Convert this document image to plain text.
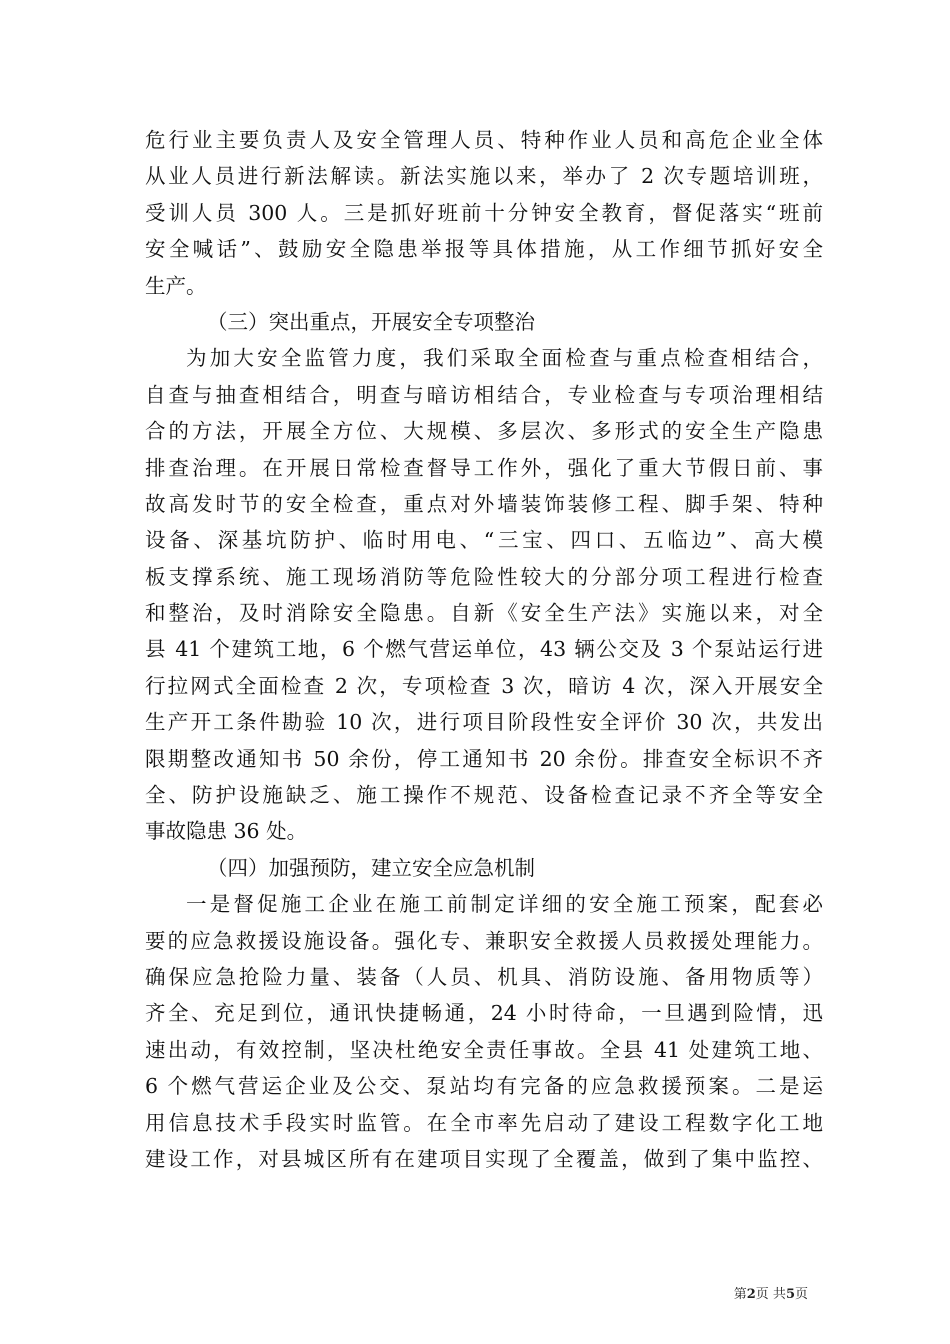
危行业主要负责人及安全管理人员、特种作业人员和高危企业全体
从业人员进行新法解读。新法实施以来，举办了 2 次专题培训班，
受训人员 300 人。三是抓好班前十分钟安全教育，督促落实“班前
安全喊话”、鼓励安全隐患举报等具体措施，从工作细节抓好安全
生产。
（三）突出重点，开展安全专项整治
为加大安全监管力度，我们采取全面检查与重点检查相结合，
自查与抽查相结合，明查与暗访相结合，专业检查与专项治理相结
合的方法，开展全方位、大规模、多层次、多形式的安全生产隐患
排查治理。在开展日常检查督导工作外，强化了重大节假日前、事
故高发时节的安全检查，重点对外墙装饰装修工程、脚手架、特种
设备、深基坑防护、临时用电、“三宝、四口、五临边”、高大模
板支撑系统、施工现场消防等危险性较大的分部分项工程进行检查
和整治，及时消除安全隐患。自新《安全生产法》实施以来，对全
县 41 个建筑工地，6 个燃气营运单位，43 辆公交及 3 个泵站运行进
行拉网式全面检查 2 次，专项检查 3 次，暗访 4 次，深入开展安全
生产开工条件勘验 10 次，进行项目阶段性安全评价 30 次，共发出
限期整改通知书 50 余份，停工通知书 20 余份。排查安全标识不齐
全、防护设施缺乏、施工操作不规范、设备检查记录不齐全等安全
事故隐患 36 处。
（四）加强预防，建立安全应急机制
一是督促施工企业在施工前制定详细的安全施工预案，配套必
要的应急救援设施设备。强化专、兼职安全救援人员救援处理能力。
确保应急抢险力量、装备（人员、机具、消防设施、备用物质等）
齐全、充足到位，通讯快捷畅通，24 小时待命，一旦遇到险情，迅
速出动，有效控制，坚决杜绝安全责任事故。全县 41 处建筑工地、
6 个燃气营运企业及公交、泵站均有完备的应急救援预案。二是运
用信息技术手段实时监管。在全市率先启动了建设工程数字化工地
建设工作，对县城区所有在建项目实现了全覆盖，做到了集中监控、
第2页 共5页
